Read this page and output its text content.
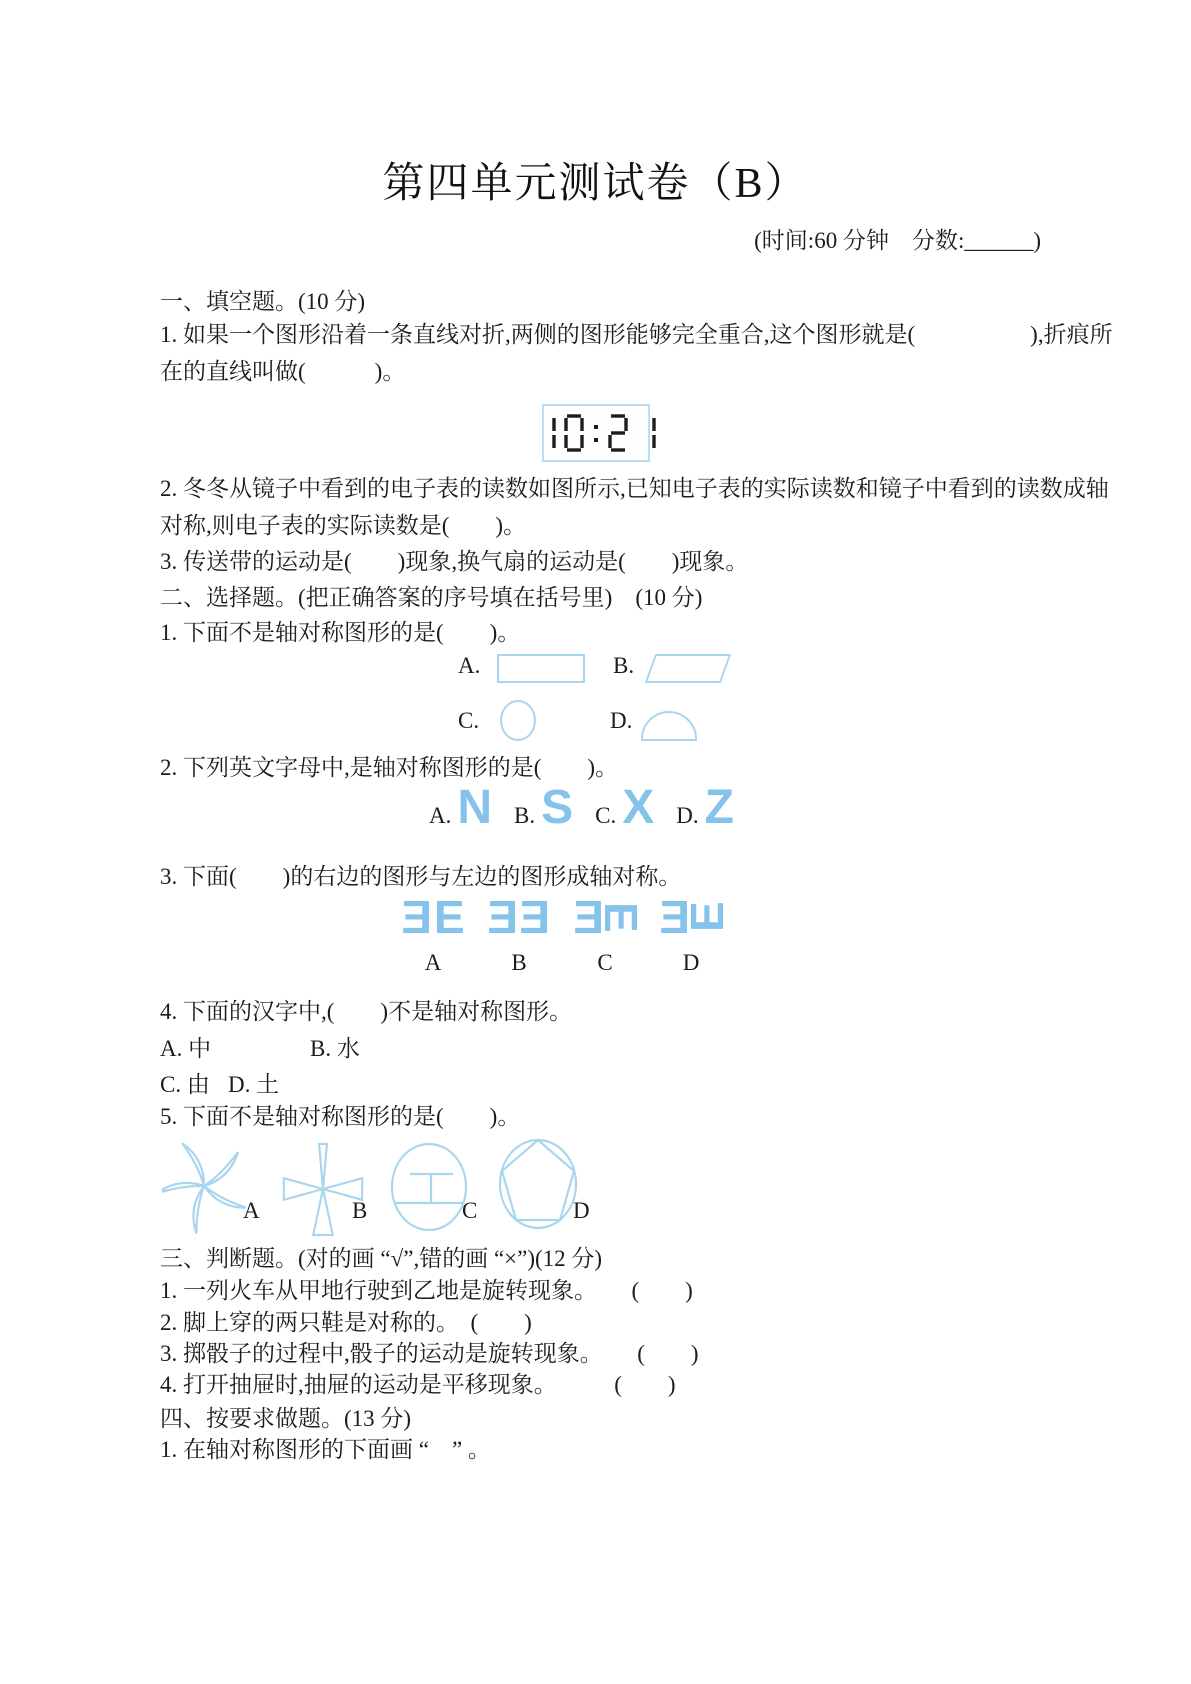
第四单元测试卷（B）
(时间:60 分钟　分数:______)
一、填空题。(10 分)
1. 如果一个图形沿着一条直线对折,两侧的图形能够完全重合,这个图形就是(　　　　　),折痕所
在的直线叫做(　　　)。
2. 冬冬从镜子中看到的电子表的读数如图所示,已知电子表的实际读数和镜子中看到的读数成轴
对称,则电子表的实际读数是(　　)。
3. 传送带的运动是(　　)现象,换气扇的运动是(　　)现象。
二、选择题。(把正确答案的序号填在括号里)　(10 分)
1. 下面不是轴对称图形的是(　　)。
A.	B.
C.	D.
2. 下列英文字母中,是轴对称图形的是(　　)。
A. N B. S C. X D. Z
3. 下面(　　)的右边的图形与左边的图形成轴对称。
E E
A
E E
B
E
E
C
E
E
D
4. 下面的汉字中,(　　)不是轴对称图形。
A. 中	B. 水
C. 由 D. 土
5. 下面不是轴对称图形的是(　　)。
A	B	C	D
三、判断题。(对的画 “√”,错的画 “×”)(12 分)
1. 一列火车从甲地行驶到乙地是旋转现象。　　(　　)
2. 脚上穿的两只鞋是对称的。　(　　)
3. 掷骰子的过程中,骰子的运动是旋转现象。　　(　　)
4. 打开抽屉时,抽屉的运动是平移现象。　　　(　　)
四、按要求做题。(13 分)
1. 在轴对称图形的下面画 “　” 。
